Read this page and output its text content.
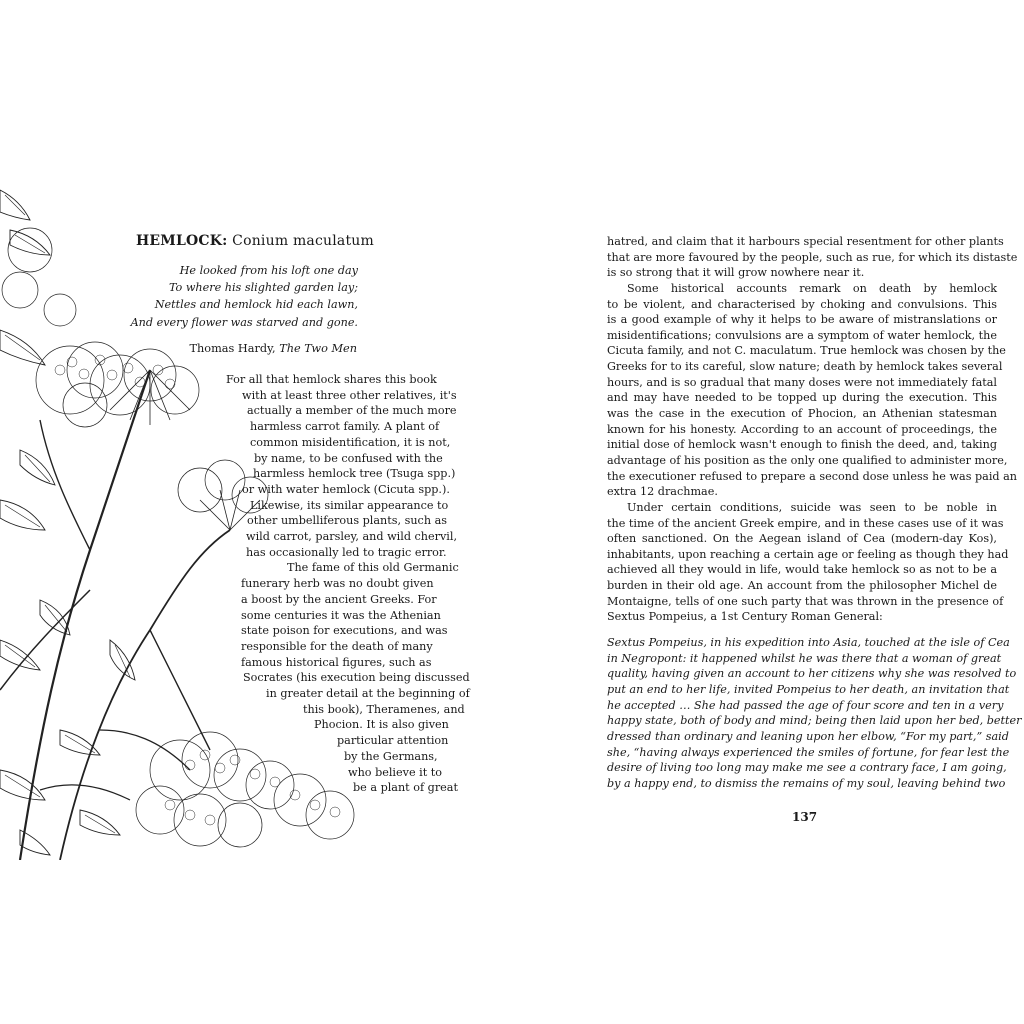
HEMLOCK: Conium maculatum
He looked from his loft one day
To where his slighted garden lay;
Nettles and hemlock hid each lawn,
And every flower was starved and gone.
Thomas Hardy, The Two Men
For all that hemlock shares this book
with at least three other relatives, it's
actually a member of the much more
harmless carrot family. A plant of
common misidentification, it is not,
by name, to be confused with the
harmless hemlock tree (Tsuga spp.)
or with water hemlock (Cicuta spp.).
Likewise, its similar appearance to
other umbelliferous plants, such as
wild carrot, parsley, and wild chervil,
has occasionally led to tragic error.
The fame of this old Germanic
funerary herb was no doubt given
a boost by the ancient Greeks. For
some centuries it was the Athenian
state poison for executions, and was
responsible for the death of many
famous historical figures, such as
Socrates (his execution being discussed
in greater detail at the beginning of
this book), Theramenes, and
Phocion. It is also given
particular attention
by the Germans,
who believe it to
be a plant of great
hatred, and claim that it harbours special resentment for other plants
that are more favoured by the people, such as rue, for which its distaste
is so strong that it will grow nowhere near it.
Some historical accounts remark on death by hemlock
to be violent, and characterised by choking and convulsions. This
is a good example of why it helps to be aware of mistranslations or
misidentifications; convulsions are a symptom of water hemlock, the
Cicuta family, and not C. maculatum. True hemlock was chosen by the
Greeks for to its careful, slow nature; death by hemlock takes several
hours, and is so gradual that many doses were not immediately fatal
and may have needed to be topped up during the execution. This
was the case in the execution of Phocion, an Athenian statesman
known for his honesty. According to an account of proceedings, the
initial dose of hemlock wasn't enough to finish the deed, and, taking
advantage of his position as the only one qualified to administer more,
the executioner refused to prepare a second dose unless he was paid an
extra 12 drachmae.
Under certain conditions, suicide was seen to be noble in
the time of the ancient Greek empire, and in these cases use of it was
often sanctioned. On the Aegean island of Cea (modern-day Kos),
inhabitants, upon reaching a certain age or feeling as though they had
achieved all they would in life, would take hemlock so as not to be a
burden in their old age. An account from the philosopher Michel de
Montaigne, tells of one such party that was thrown in the presence of
Sextus Pompeius, a 1st Century Roman General:
Sextus Pompeius, in his expedition into Asia, touched at the isle of Cea
in Negropont: it happened whilst he was there that a woman of great
quality, having given an account to her citizens why she was resolved to
put an end to her life, invited Pompeius to her death, an invitation that
he accepted … She had passed the age of four score and ten in a very
happy state, both of body and mind; being then laid upon her bed, better
dressed than ordinary and leaning upon her elbow, “For my part,” said
she, “having always experienced the smiles of fortune, for fear lest the
desire of living too long may make me see a contrary face, I am going,
by a happy end, to dismiss the remains of my soul, leaving behind two
137
